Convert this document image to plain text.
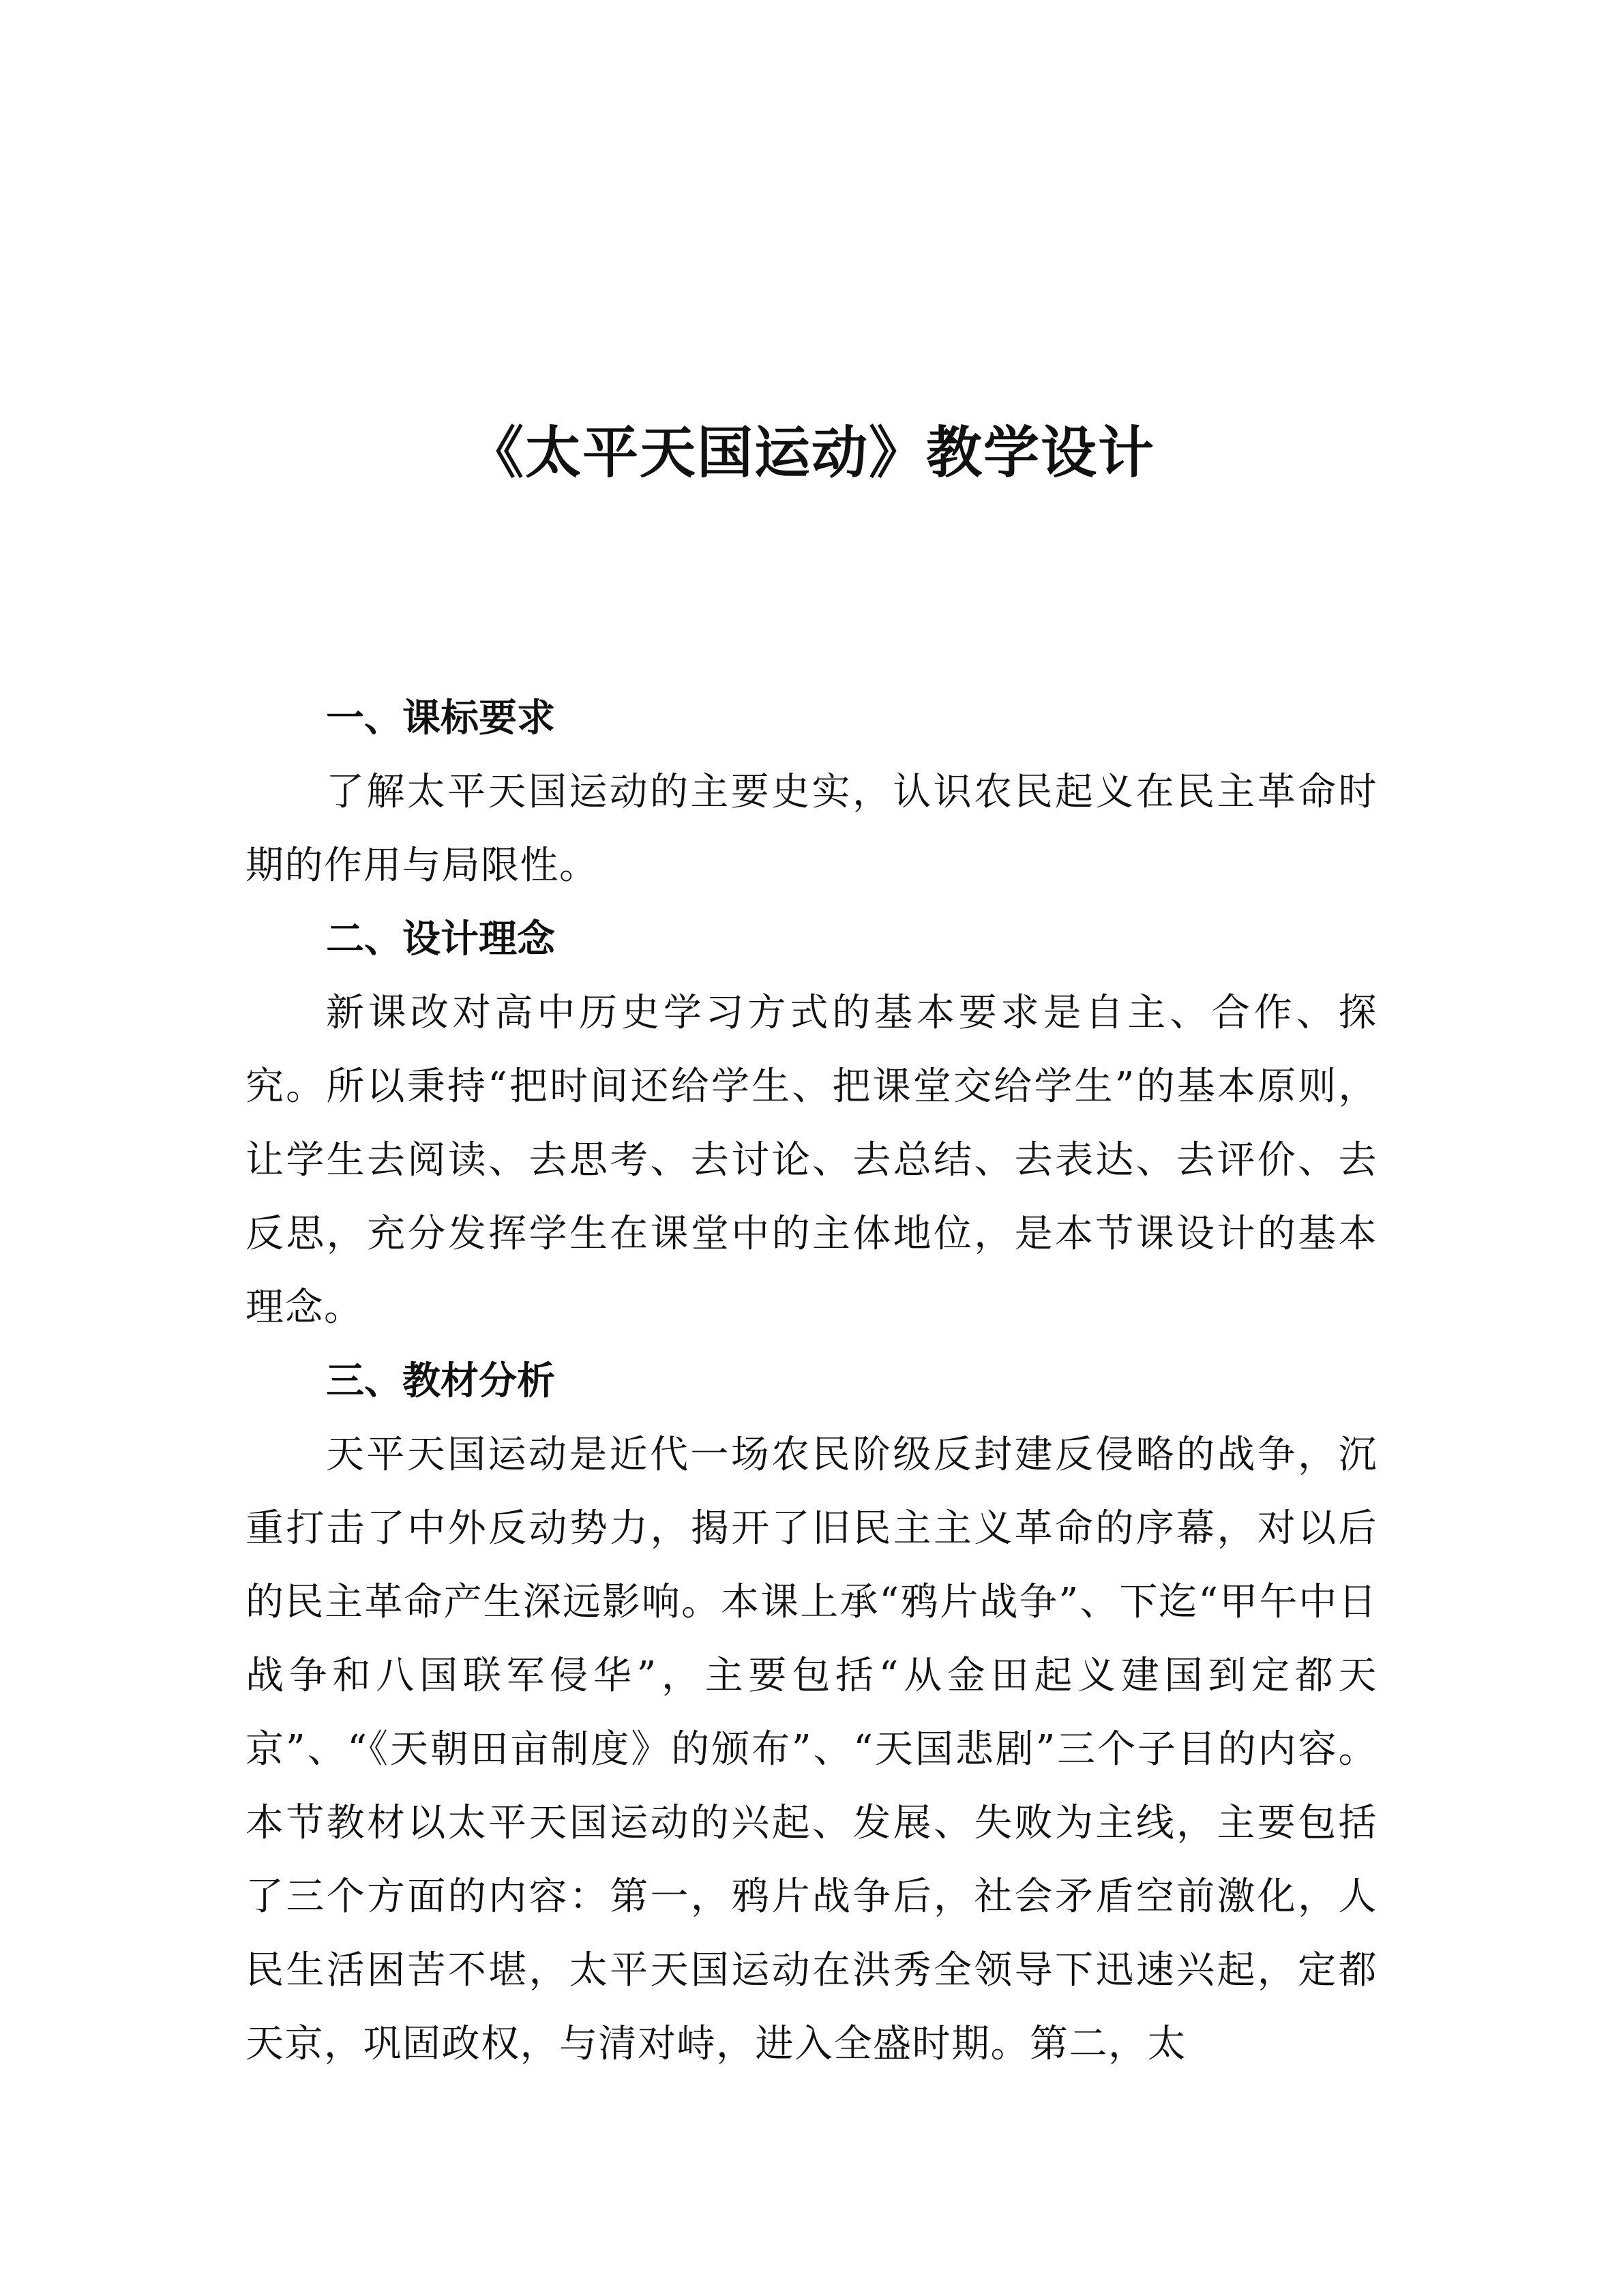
《太平天国运动》教学设计
一、课标要求

了解太平天国运动的主要史实，认识农民起义在民主革命时期的作用与局限性。

二、设计理念

新课改对高中历史学习方式的基本要求是自主、合作、探究。所以秉持“把时间还给学生、把课堂交给学生”的基本原则，让学生去阅读、去思考、去讨论、去总结、去表达、去评价、去反思，充分发挥学生在课堂中的主体地位，是本节课设计的基本理念。

三、教材分析

天平天国运动是近代一场农民阶级反封建反侵略的战争，沉重打击了中外反动势力，揭开了旧民主主义革命的序幕，对以后的民主革命产生深远影响。本课上承“鸦片战争”、下迄“甲午中日战争和八国联军侵华”，主要包括“从金田起义建国到定都天京”、“《天朝田亩制度》的颁布”、“天国悲剧”三个子目的内容。本节教材以太平天国运动的兴起、发展、失败为主线，主要包括了三个方面的内容：第一，鸦片战争后，社会矛盾空前激化，人民生活困苦不堪，太平天国运动在洪秀全领导下迅速兴起，定都天京，巩固政权，与清对峙，进入全盛时期。第二，太
